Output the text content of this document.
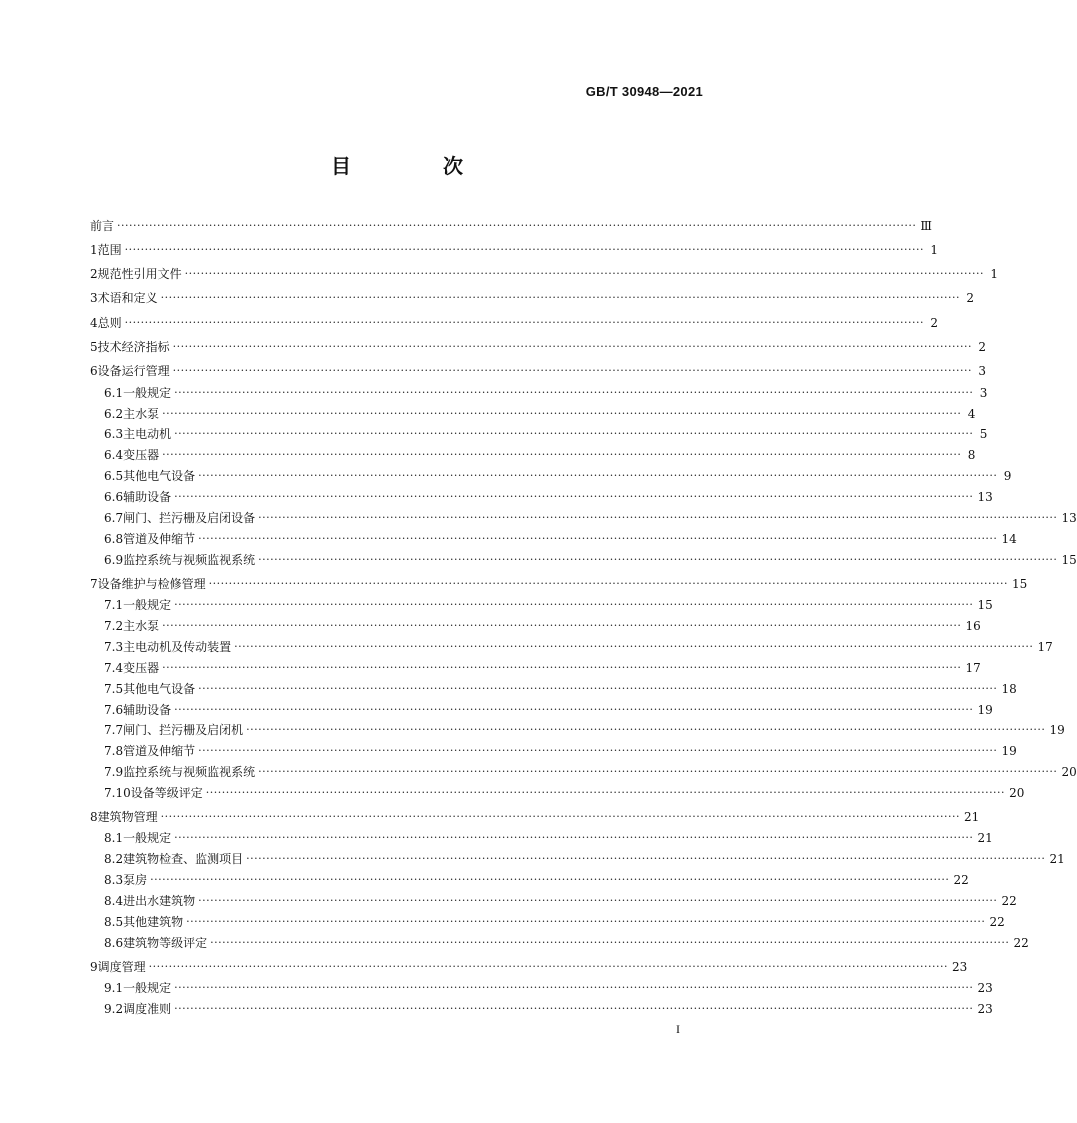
GB/T 30948—2021
目　次
前言 ········································································································································································································ Ⅲ
1 范围 ········································································································································································································ 1
2 规范性引用文件 ········································································································································································································ 1
3 术语和定义 ········································································································································································································ 2
4 总则 ········································································································································································································ 2
5 技术经济指标 ········································································································································································································ 2
6 设备运行管理 ········································································································································································································ 3
6.1 一般规定 ········································································································································································································ 3
6.2 主水泵 ········································································································································································································ 4
6.3 主电动机 ········································································································································································································ 5
6.4 变压器 ········································································································································································································ 8
6.5 其他电气设备 ········································································································································································································ 9
6.6 辅助设备 ········································································································································································································ 13
6.7 闸门、拦污栅及启闭设备 ········································································································································································································ 13
6.8 管道及伸缩节 ········································································································································································································ 14
6.9 监控系统与视频监视系统 ········································································································································································································ 15
7 设备维护与检修管理 ········································································································································································································ 15
7.1 一般规定 ········································································································································································································ 15
7.2 主水泵 ········································································································································································································ 16
7.3 主电动机及传动装置 ········································································································································································································ 17
7.4 变压器 ········································································································································································································ 17
7.5 其他电气设备 ········································································································································································································ 18
7.6 辅助设备 ········································································································································································································ 19
7.7 闸门、拦污栅及启闭机 ········································································································································································································ 19
7.8 管道及伸缩节 ········································································································································································································ 19
7.9 监控系统与视频监视系统 ········································································································································································································ 20
7.10 设备等级评定 ········································································································································································································ 20
8 建筑物管理 ········································································································································································································ 21
8.1 一般规定 ········································································································································································································ 21
8.2 建筑物检查、监测项目 ········································································································································································································ 21
8.3 泵房 ········································································································································································································ 22
8.4 进出水建筑物 ········································································································································································································ 22
8.5 其他建筑物 ········································································································································································································ 22
8.6 建筑物等级评定 ········································································································································································································ 22
9 调度管理 ········································································································································································································ 23
9.1 一般规定 ········································································································································································································ 23
9.2 调度准则 ········································································································································································································ 23
I
